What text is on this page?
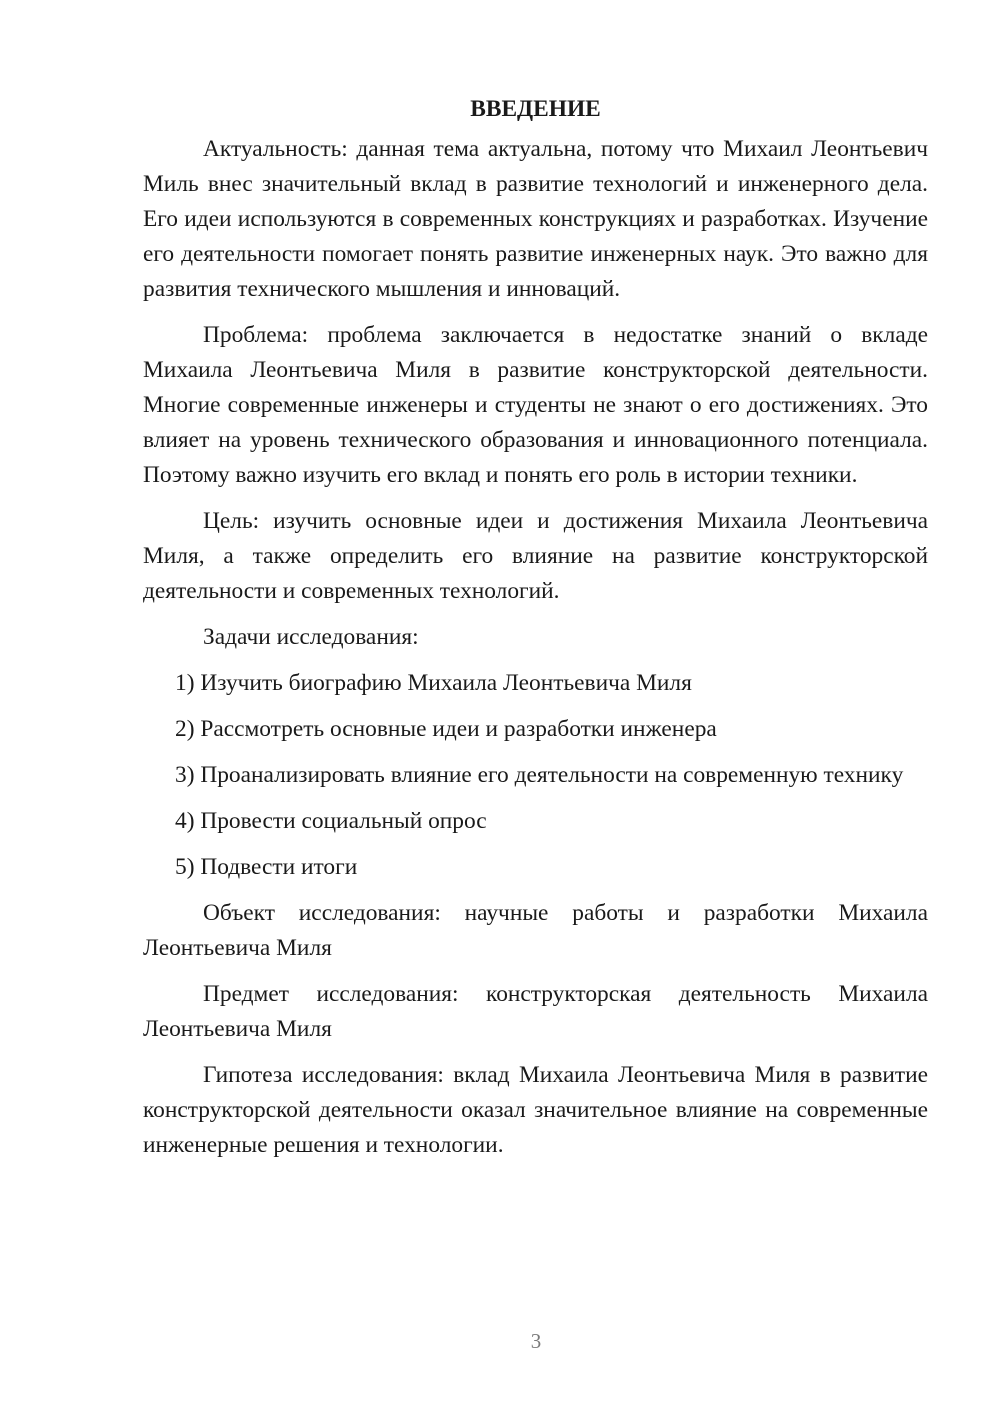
ВВЕДЕНИЕ

Актуальность: данная тема актуальна, потому что Михаил Леонтьевич Миль внес значительный вклад в развитие технологий и инженерного дела. Его идеи используются в современных конструкциях и разработках. Изучение его деятельности помогает понять развитие инженерных наук. Это важно для развития технического мышления и инноваций.

Проблема: проблема заключается в недостатке знаний о вкладе Михаила Леонтьевича Миля в развитие конструкторской деятельности. Многие современные инженеры и студенты не знают о его достижениях. Это влияет на уровень технического образования и инновационного потенциала. Поэтому важно изучить его вклад и понять его роль в истории техники.

Цель: изучить основные идеи и достижения Михаила Леонтьевича Миля, а также определить его влияние на развитие конструкторской деятельности и современных технологий.

Задачи исследования:

1) Изучить биографию Михаила Леонтьевича Миля

2) Рассмотреть основные идеи и разработки инженера

3) Проанализировать влияние его деятельности на современную технику

4) Провести социальный опрос

5) Подвести итоги

Объект исследования: научные работы и разработки Михаила Леонтьевича Миля

Предмет исследования: конструкторская деятельность Михаила Леонтьевича Миля

Гипотеза исследования: вклад Михаила Леонтьевича Миля в развитие конструкторской деятельности оказал значительное влияние на современные инженерные решения и технологии.

3
